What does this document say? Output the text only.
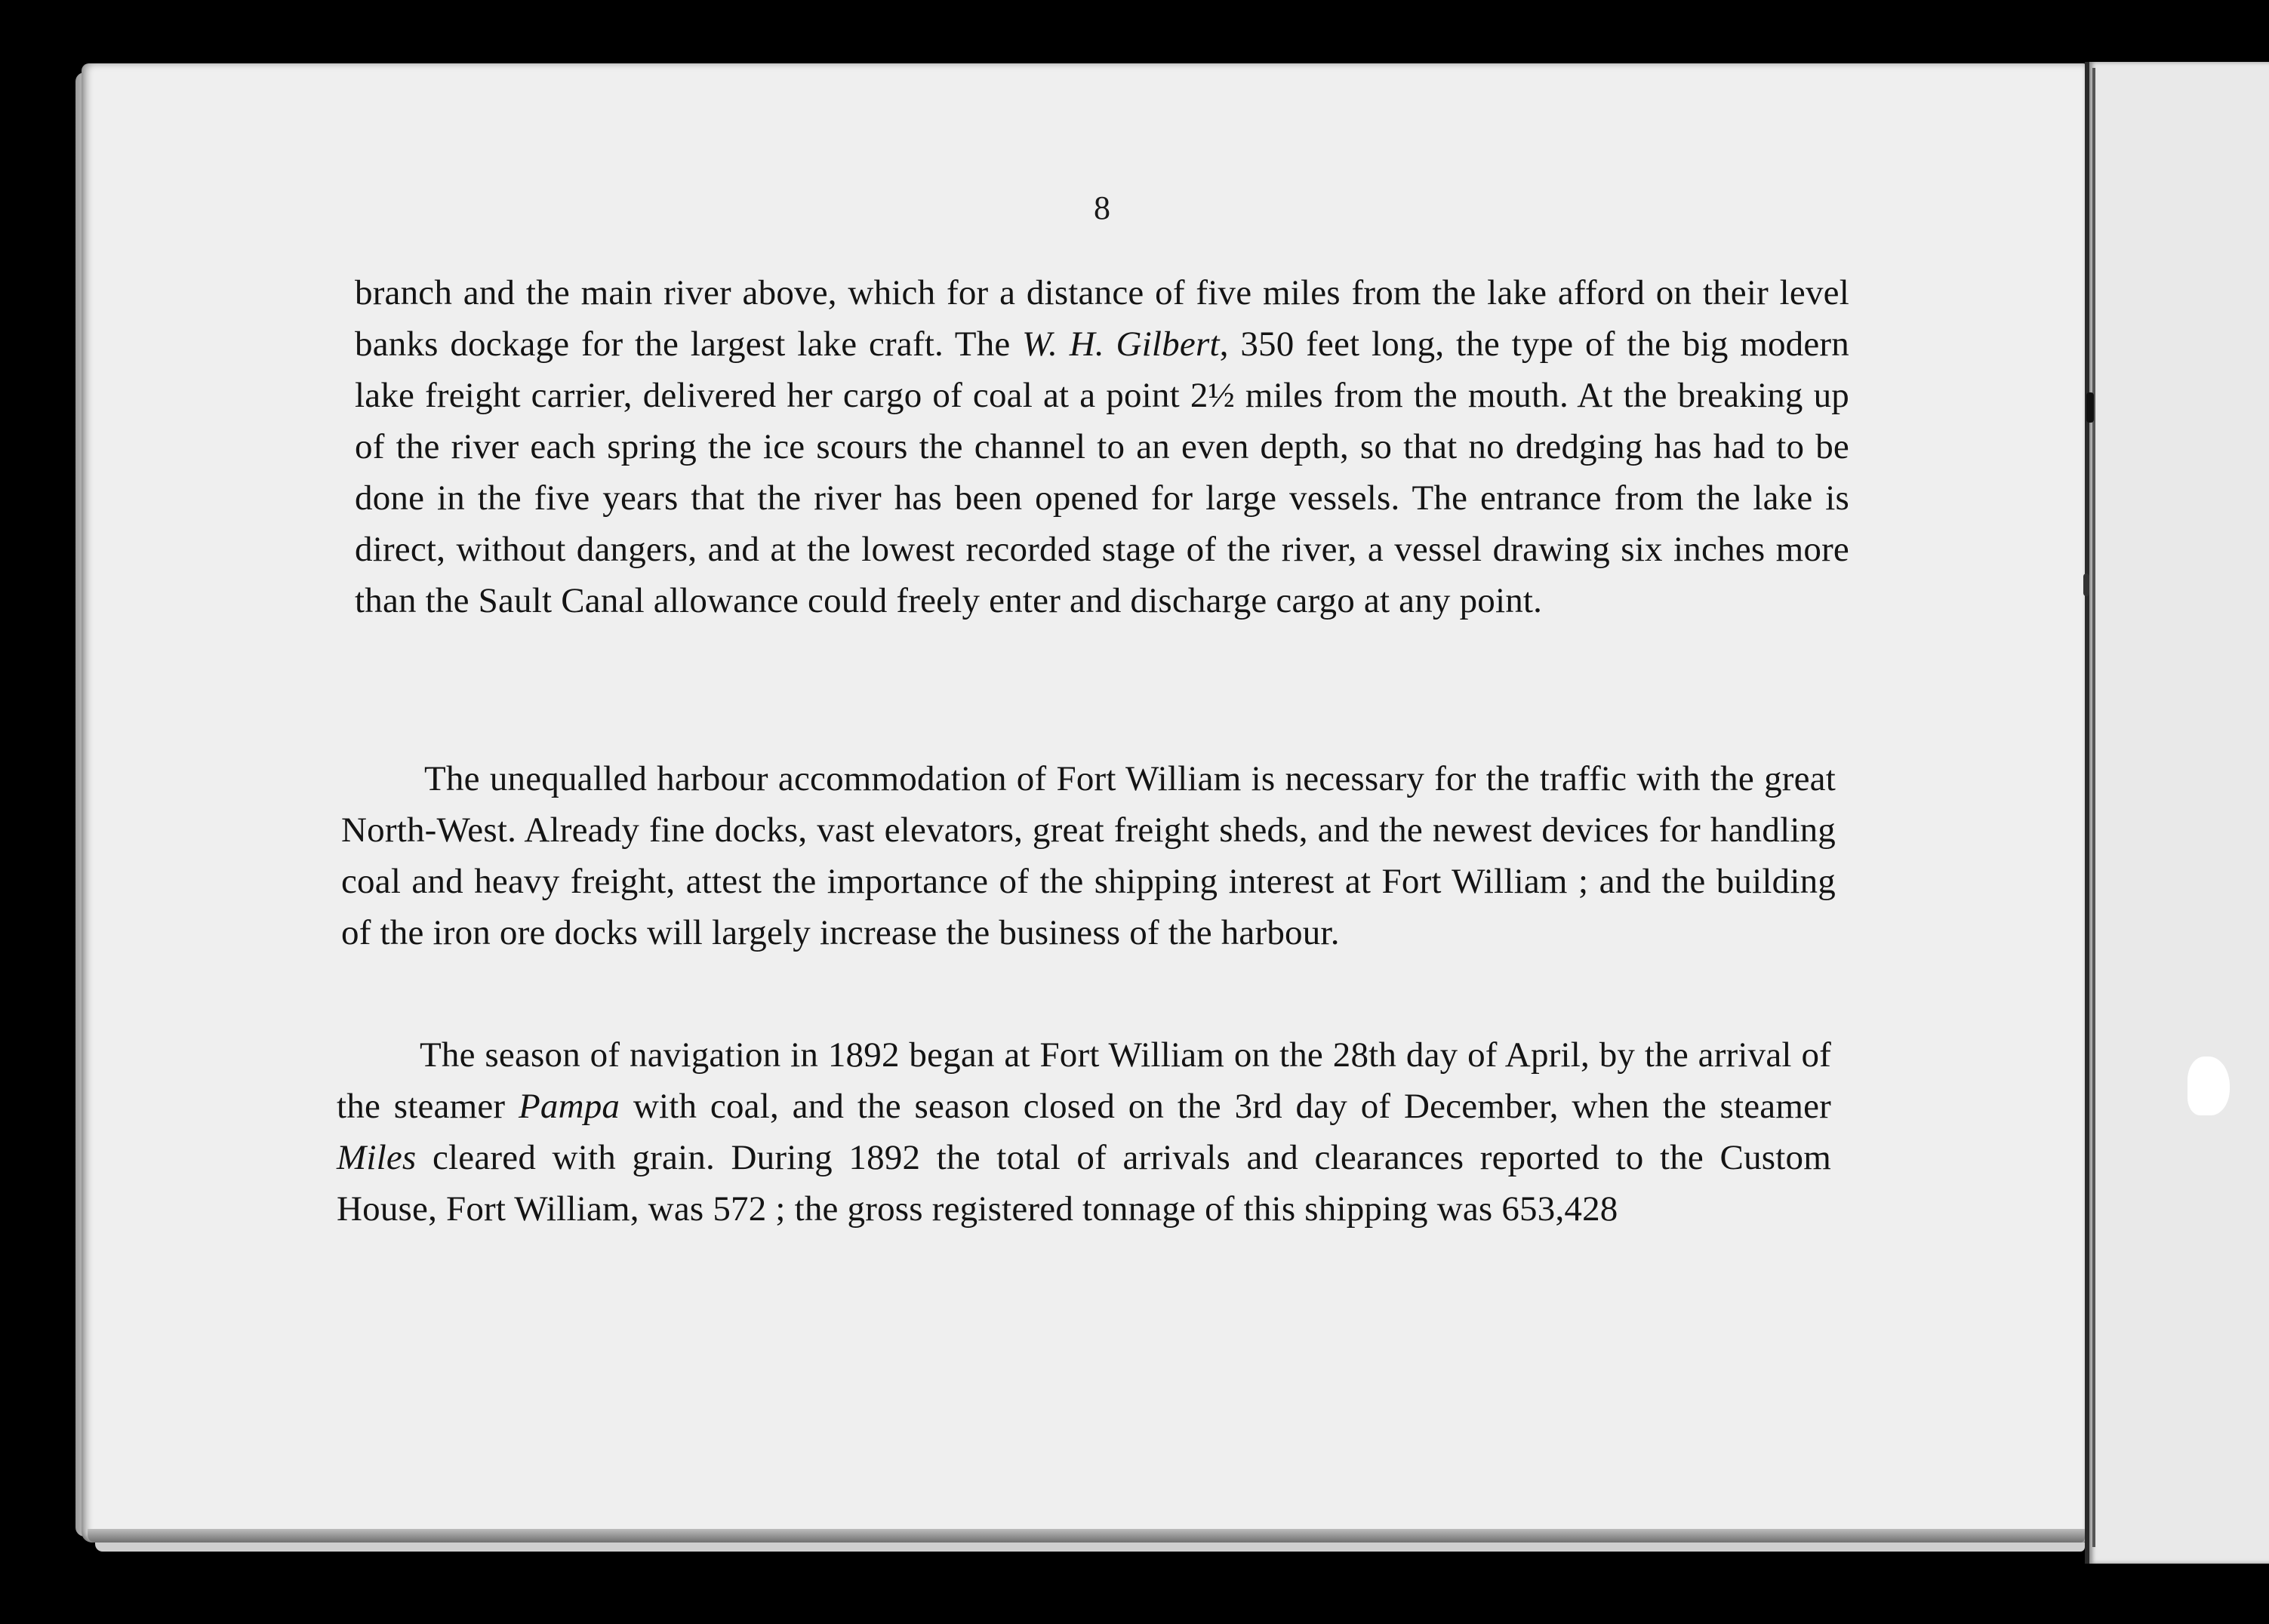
8

branch and the main river above, which for a distance of five miles from the lake afford on their level banks dockage for the largest lake craft. The W. H. Gilbert, 350 feet long, the type of the big modern lake freight carrier, delivered her cargo of coal at a point 2½ miles from the mouth. At the breaking up of the river each spring the ice scours the channel to an even depth, so that no dredging has had to be done in the five years that the river has been opened for large vessels. The entrance from the lake is direct, without dangers, and at the lowest recorded stage of the river, a vessel drawing six inches more than the Sault Canal allowance could freely enter and discharge cargo at any point.

The unequalled harbour accommodation of Fort William is necessary for the traffic with the great North-West. Already fine docks, vast elevators, great freight sheds, and the newest devices for handling coal and heavy freight, attest the importance of the shipping interest at Fort William ; and the building of the iron ore docks will largely increase the business of the harbour.

The season of navigation in 1892 began at Fort William on the 28th day of April, by the arrival of the steamer Pampa with coal, and the season closed on the 3rd day of December, when the steamer Miles cleared with grain. During 1892 the total of arrivals and clearances reported to the Custom House, Fort William, was 572 ; the gross registered tonnage of this shipping was 653,428
